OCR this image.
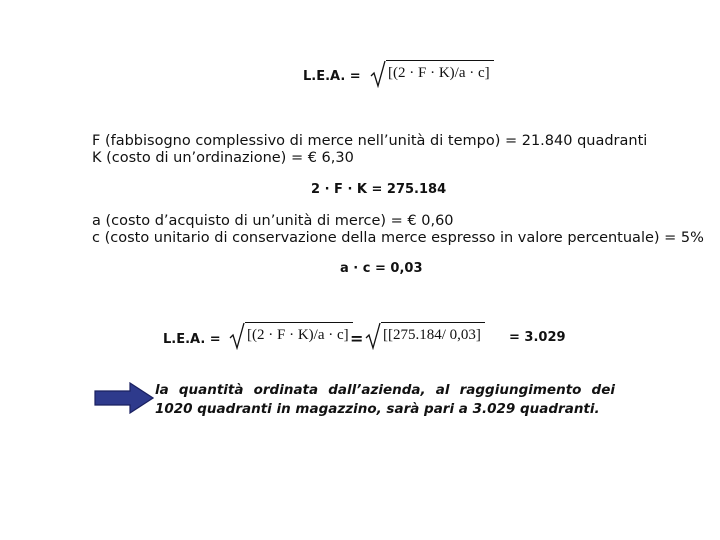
L.E.A. = [(2 · F · K)/a · c]
F (fabbisogno complessivo di merce nell’unità di tempo) = 21.840 quadranti
K (costo di un’ordinazione) = € 6,30
2 · F · K = 275.184
a (costo d’acquisto di un’unità di merce) = € 0,60
c (costo unitario di conservazione della merce espresso in valore percentuale) = 5%
a · c = 0,03
L.E.A. = [(2 · F · K)/a · c] = [[275.184/ 0,03]	= 3.029
la quantità ordinata dall’azienda, al raggiungimento dei
1020 quadranti in magazzino, sarà pari a 3.029 quadranti.
